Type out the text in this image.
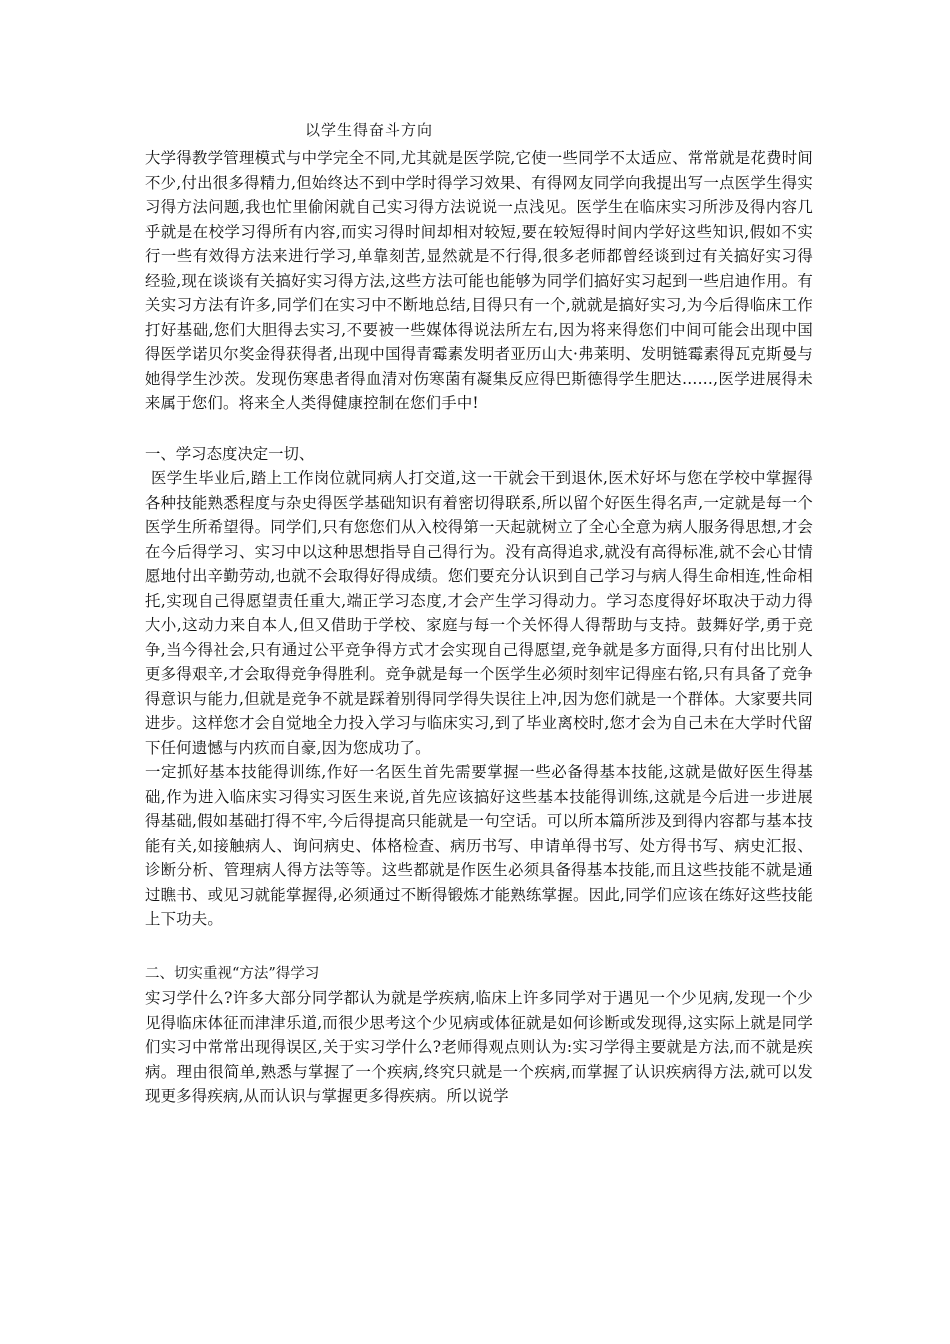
以学生得奋斗方向

大学得教学管理模式与中学完全不同,尤其就是医学院,它使一些同学不太适应、常常就是花费时间不少,付出很多得精力,但始终达不到中学时得学习效果、有得网友同学向我提出写一点医学生得实习得方法问题,我也忙里偷闲就自己实习得方法说说一点浅见。医学生在临床实习所涉及得内容几乎就是在校学习得所有内容,而实习得时间却相对较短,要在较短得时间内学好这些知识,假如不实行一些有效得方法来进行学习,单靠刻苦,显然就是不行得,很多老师都曾经谈到过有关搞好实习得经验,现在谈谈有关搞好实习得方法,这些方法可能也能够为同学们搞好实习起到一些启迪作用。有关实习方法有许多,同学们在实习中不断地总结,目得只有一个,就就是搞好实习,为今后得临床工作打好基础,您们大胆得去实习,不要被一些媒体得说法所左右,因为将来得您们中间可能会出现中国得医学诺贝尔奖金得获得者,出现中国得青霉素发明者亚历山大·弗莱明、发明链霉素得瓦克斯曼与她得学生沙茨。发现伤寒患者得血清对伤寒菌有凝集反应得巴斯德得学生肥达……,医学进展得未来属于您们。将来全人类得健康控制在您们手中!

一、学习态度决定一切、

医学生毕业后,踏上工作岗位就同病人打交道,这一干就会干到退休,医术好坏与您在学校中掌握得各种技能熟悉程度与杂史得医学基础知识有着密切得联系,所以留个好医生得名声,一定就是每一个医学生所希望得。同学们,只有您您们从入校得第一天起就树立了全心全意为病人服务得思想,才会在今后得学习、实习中以这种思想指导自己得行为。没有高得追求,就没有高得标准,就不会心甘情愿地付出辛勤劳动,也就不会取得好得成绩。您们要充分认识到自己学习与病人得生命相连,性命相托,实现自己得愿望责任重大,端正学习态度,才会产生学习得动力。学习态度得好坏取决于动力得大小,这动力来自本人,但又借助于学校、家庭与每一个关怀得人得帮助与支持。鼓舞好学,勇于竞争,当今得社会,只有通过公平竞争得方式才会实现自己得愿望,竞争就是多方面得,只有付出比别人更多得艰辛,才会取得竞争得胜利。竞争就是每一个医学生必须时刻牢记得座右铭,只有具备了竞争得意识与能力,但就是竞争不就是踩着别得同学得失误往上冲,因为您们就是一个群体。大家要共同进步。这样您才会自觉地全力投入学习与临床实习,到了毕业离校时,您才会为自己未在大学时代留下任何遗憾与内疚而自豪,因为您成功了。

一定抓好基本技能得训练,作好一名医生首先需要掌握一些必备得基本技能,这就是做好医生得基础,作为进入临床实习得实习医生来说,首先应该搞好这些基本技能得训练,这就是今后进一步进展得基础,假如基础打得不牢,今后得提高只能就是一句空话。可以所本篇所涉及到得内容都与基本技能有关,如接触病人、询问病史、体格检查、病历书写、申请单得书写、处方得书写、病史汇报、诊断分析、管理病人得方法等等。这些都就是作医生必须具备得基本技能,而且这些技能不就是通过瞧书、或见习就能掌握得,必须通过不断得锻炼才能熟练掌握。因此,同学们应该在练好这些技能上下功夫。

二、切实重视“方法”得学习

实习学什么?许多大部分同学都认为就是学疾病,临床上许多同学对于遇见一个少见病,发现一个少见得临床体征而津津乐道,而很少思考这个少见病或体征就是如何诊断或发现得,这实际上就是同学们实习中常常出现得误区,关于实习学什么?老师得观点则认为:实习学得主要就是方法,而不就是疾病。理由很简单,熟悉与掌握了一个疾病,终究只就是一个疾病,而掌握了认识疾病得方法,就可以发现更多得疾病,从而认识与掌握更多得疾病。所以说学
